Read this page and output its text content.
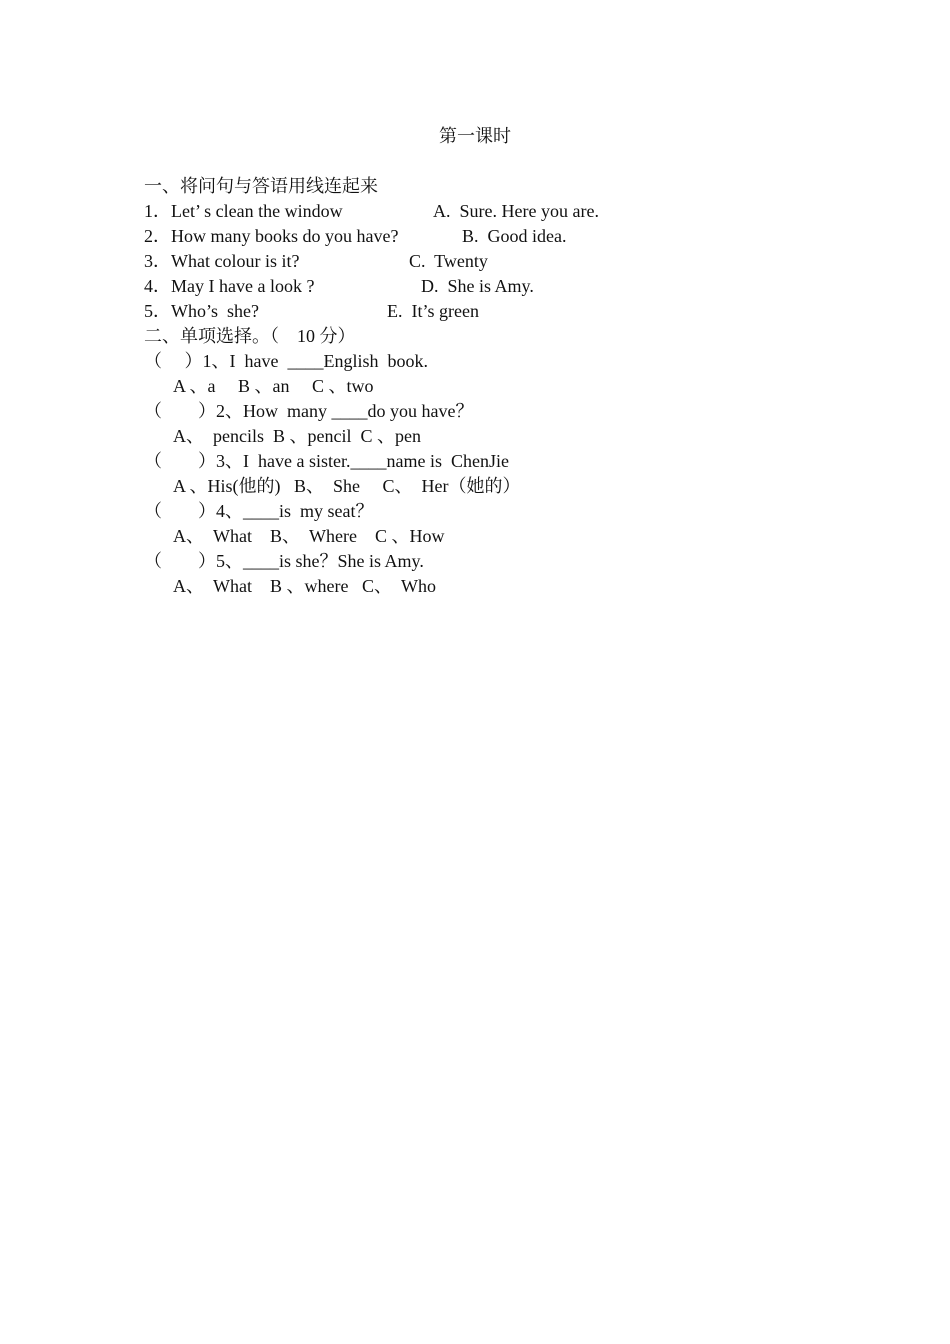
第一课时
一、将问句与答语用线连起来
1．Let’ s clean the window	A.  Sure. Here you are.
2．How many books do you have?	B.  Good idea.
3．What colour is it?	C.  Twenty
4．May I have a look ?	D.  She is Amy.
5．Who’s  she?	E.  It’s green
二、单项选择。（    10 分）
（     ）1、I  have  ____English  book.
A 、a     B 、an     C 、two
（        ）2、How  many ____do you have？
A、  pencils  B 、pencil  C 、pen
（        ）3、I  have a sister.____name is  ChenJie
A 、His(他的)   B、  She     C、  Her（她的）
（        ）4、____is  my seat？
A、  What    B、  Where    C 、How
（        ）5、____is she？She is Amy.
A、  What    B 、where   C、  Who
